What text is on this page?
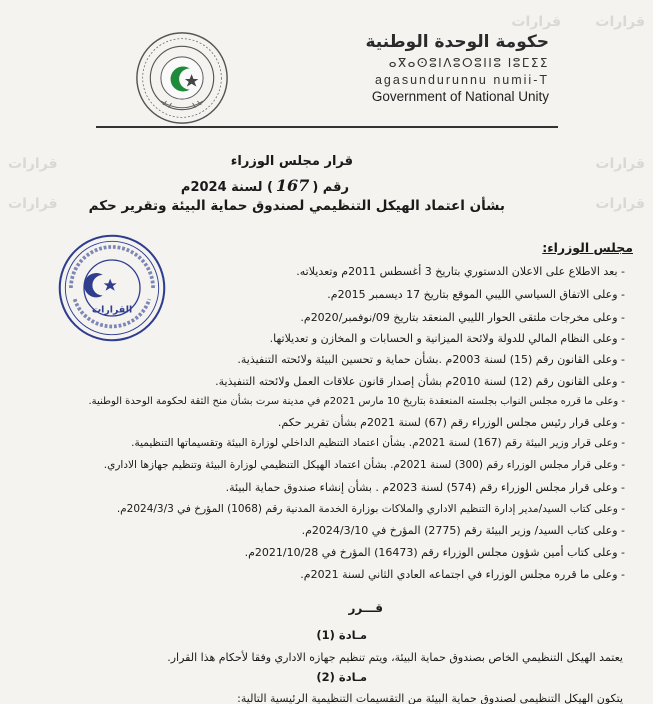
قرارات
قرارات
قرارات
قرارات
قرارات
قرارات
حكومة الوحدة الوطنية
ⴰⴳⴰⵙⵓⵏⴷⵓⵔⵓⵏⵏⵓ ⵏⵓⵎⵉⵉ
agasundurunnu numii-T
Government of National Unity
قرار مجلس الوزراء
رقم (167) لسنة 2024م
بشأن اعتماد الهيكل التنظيمي لصندوق حماية البيئة وتقرير حكم
القرارات
مجلس الوزراء:
- بعد الاطلاع على الاعلان الدستوري بتاريخ 3 أغسطس 2011م وتعديلاته.
- وعلى الاتفاق السياسي الليبي الموقع بتاريخ 17 ديسمبر 2015م.
- وعلى مخرجات ملتقى الحوار الليبي المنعقد بتاريخ 09/نوفمبر/2020م.
- وعلى النظام المالي للدولة ولائحة الميزانية و الحسابات و المخازن و تعديلاتها.
- وعلى القانون رقم (15) لسنة 2003م .بشأن حماية و تحسين البيئة ولائحته التنفيذية.
- وعلى القانون رقم (12) لسنة 2010م بشأن إصدار قانون علاقات العمل ولائحته التنفيذية.
- وعلى ما قرره مجلس النواب بجلسته المنعقدة بتاريخ 10 مارس 2021م في مدينة سرت بشأن منح الثقة لحكومة الوحدة الوطنية.
- وعلى قرار رئيس مجلس الوزراء رقم (67) لسنة 2021م بشأن تقرير حكم.
- وعلى قرار وزير البيئة رقم (167) لسنة 2021م. بشأن اعتماد التنظيم الداخلي لوزارة البيئة وتقسيماتها التنظيمية.
- وعلى قرار مجلس الوزراء رقم (300) لسنة 2021م. بشأن اعتماد الهيكل التنظيمي لوزارة البيئة وتنظيم جهازها الاداري.
- وعلى قرار مجلس الوزراء رقم (574) لسنة 2023م . بشأن إنشاء صندوق حماية البيئة.
- وعلى كتاب السيد/مدير إدارة التنظيم الاداري والملاكات بوزارة الخدمة المدنية رقم (1068) المؤرخ في 2024/3/3م.
- وعلى كتاب السيد/ وزير البيئة رقم (2775) المؤرخ في 2024/3/10م.
- وعلى كتاب أمين شؤون مجلس الوزراء رقم (16473) المؤرخ في 2021/10/28م.
- وعلى ما قرره مجلس الوزراء في اجتماعه العادي الثاني لسنة 2021م.
قـــرر
مـادة (1)
يعتمد الهيكل التنظيمي الخاص بصندوق حماية البيئة، ويتم تنظيم جهازه الاداري وفقا لأحكام هذا القرار.
مـادة (2)
يتكون الهيكل التنظيمي لصندوق حماية البيئة من التقسيمات التنظيمية الرئيسية التالية:
